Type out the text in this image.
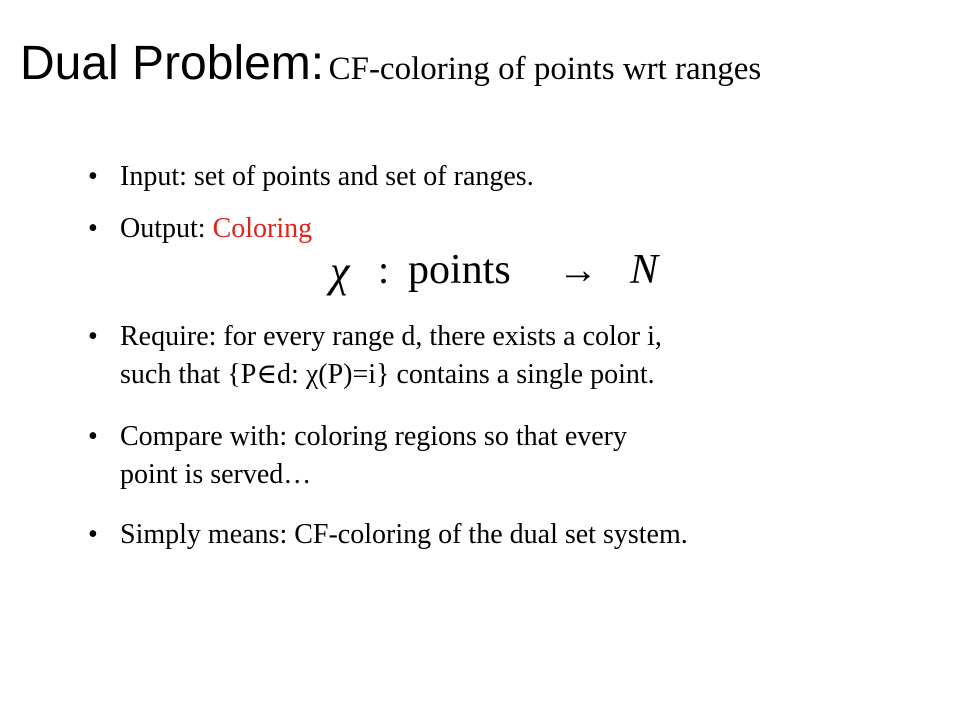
Dual Problem: CF-coloring of points wrt ranges
• Input: set of points and set of ranges.
• Output: Coloring
• Require: for every range d, there exists a color i,
such that {P∈d: χ(P)=i} contains a single point.
• Compare with: coloring regions so that every
point is served…
• Simply means: CF-coloring of the dual set system.
χ : points → N
